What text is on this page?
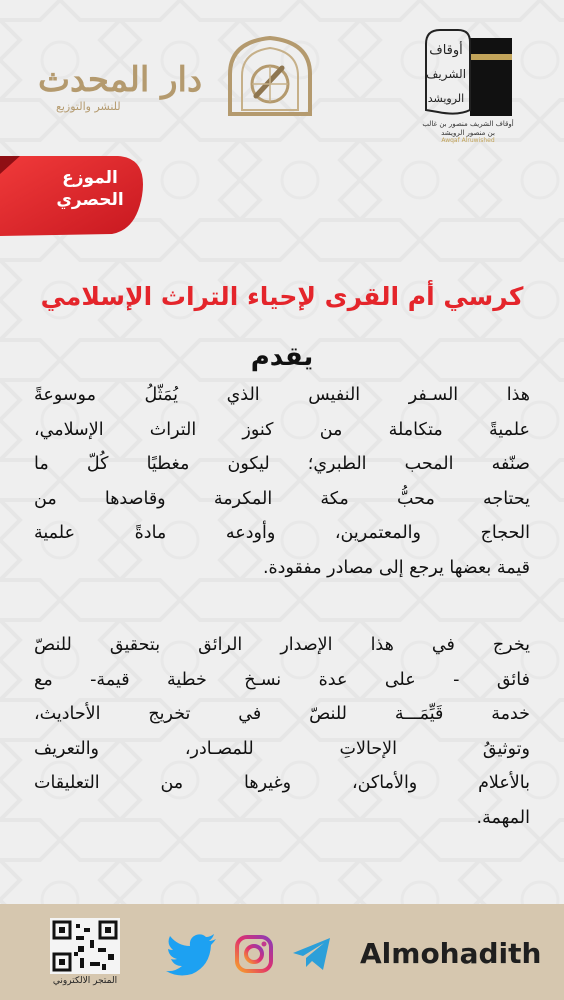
دار المحدث
للنشر والتوزيع
أوقاف
الشريف
الرويشد
أوقاف الشريف منصور بن غالب بن منصور الرويشد
Awqaf Alruwished
الموزع
الحصري
كرسي أم القرى لإحياء التراث الإسلامي
يقدم
هذا السـفر النفيس الذي يُمَثّلُ موسوعةً
علميةً متكاملة من كنوز التراث الإسلامي،
صنّفه المحب الطبري؛ ليكون مغطيًا كُلّ ما
يحتاجه محبُّ مكة المكرمة وقاصدها من
الحجاج والمعتمرين، وأودعه مادةً علمية
قيمة بعضها يرجع إلى مصادر مفقودة.
يخرج في هذا الإصدار الرائق بتحقيق للنصّ
فائق - على عدة نسـخ خطية قيمة- مع
خدمة قَيِّمَـــة للنصّ في تخريج الأحاديث،
وتوثيقُ الإحالاتِ للمصـادر، والتعريف
بالأعلام والأماكن، وغيرها من التعليقات
المهمة.
Almohadith
المتجر الالكتروني
